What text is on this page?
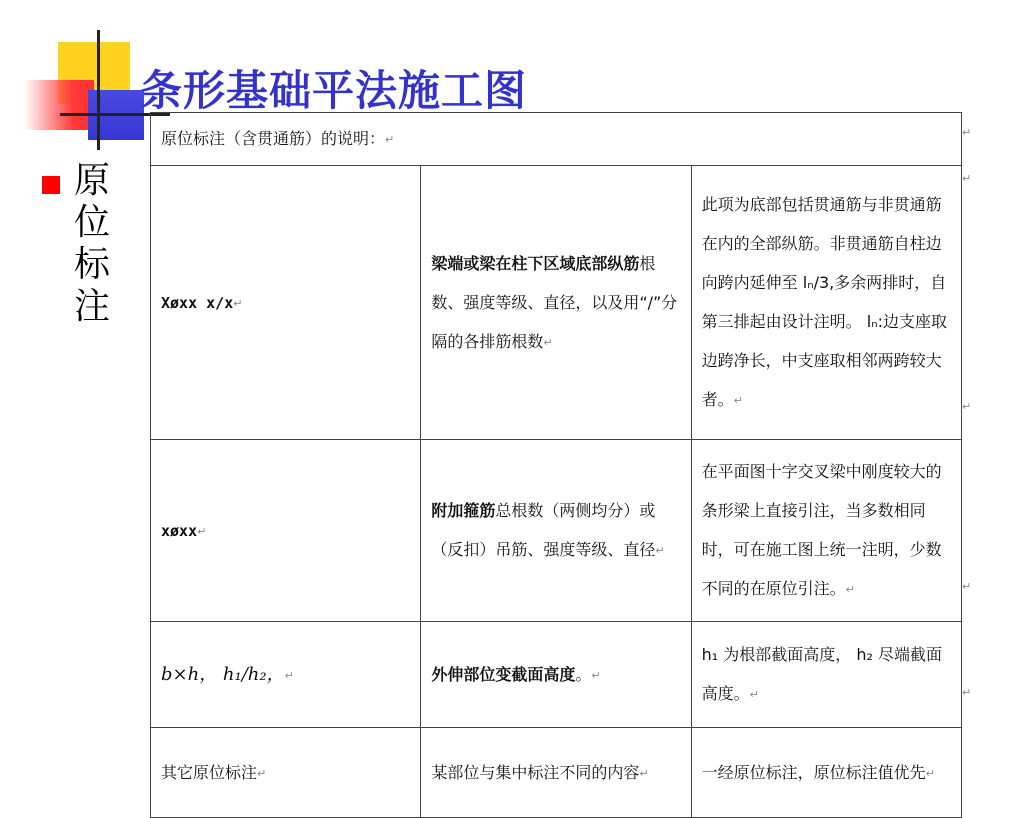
条形基础平法施工图
原
位
标
注
原位标注（含贯通筋）的说明：↵		
Xøxx x/x↵	梁端或梁在柱下区域底部纵筋根数、强度等级、直径，以及用“/”分隔的各排筋根数↵	此项为底部包括贯通筋与非贯通筋在内的全部纵筋。非贯通筋自柱边向跨内延伸至 lₙ/3,多余两排时，自第三排起由设计注明。 lₙ:边支座取边跨净长，中支座取相邻两跨较大者。↵
xøxx↵	附加箍筋总根数（两侧均分）或（反扣）吊筋、强度等级、直径↵	在平面图十字交叉梁中刚度较大的条形梁上直接引注，当多数相同时，可在施工图上统一注明，少数不同的在原位引注。↵
b×h， h₁/h₂，↵	外伸部位变截面高度。↵	h₁ 为根部截面高度， h₂ 尽端截面高度。↵
其它原位标注↵	某部位与集中标注不同的内容↵	一经原位标注，原位标注值优先↵
↵
↵
↵
↵
↵
